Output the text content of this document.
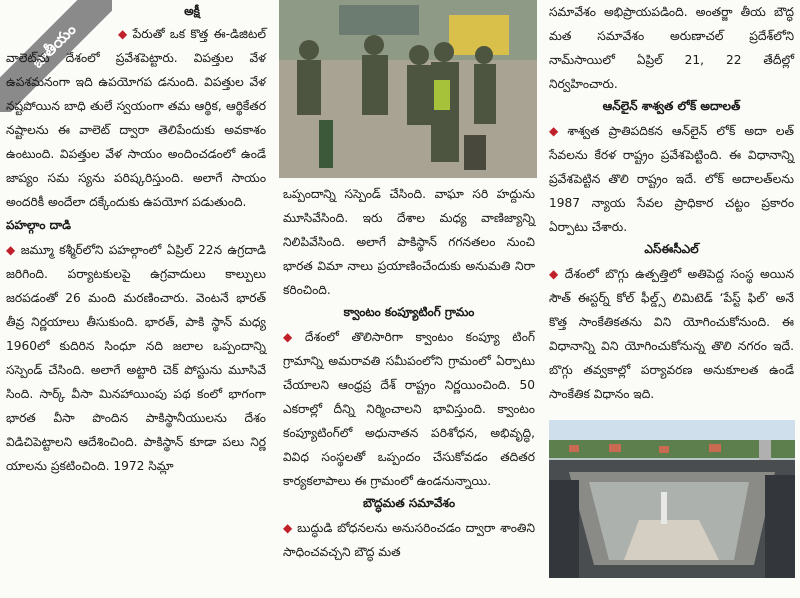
జాతీయం
అక్షీ

◆ పేరుతో ఒక కొత్త ఈ-డిజిటల్ వాలెట్‌ను దేశంలో ప్రవేశపెట్టారు. విపత్తుల వేళ ఉపశమనంగా ఇది ఉపయోగప డనుంది. విపత్తుల వేళ నష్టపోయిన బాధి తులే స్వయంగా తమ ఆర్థిక, ఆర్థికేతర నష్టాలను ఈ వాలెట్ ద్వారా తెలిపేందుకు అవకాశం ఉంటుంది. విపత్తుల వేళ సాయం అందించడంలో ఉండే జాప్యం సమ స్యను పరిష్కరిస్తుంది. అలాగే సాయం అందరికీ అందేలా దక్కేందుకు ఉపయోగ పడుతుంది.

పహల్గాం దాడి

◆ జమ్మూ కశ్మీర్‌లోని పహల్గాంలో ఏప్రిల్ 22న ఉగ్రదాడి జరిగింది. పర్యాటకులపై ఉగ్రవాదులు కాల్పులు జరపడంతో 26 మంది మరణించారు. వెంటనే భారత్ తీవ్ర నిర్ణయాలు తీసుకుంది. భారత్, పాకి స్థాన్ మధ్య 1960లో కుదిరిన సింధూ నది జలాల ఒప్పందాన్ని సస్పెండ్ చేసింది. అలాగే అట్టారి చెక్ పోస్టును మూసివే సింది. సార్క్ వీసా మినహాయింపు పథ కంలో భాగంగా భారత వీసా పొందిన పాకిస్థానీయులను దేశం విడిచిపెట్టాలని ఆదేశించింది. పాకిస్థాన్ కూడా పలు నిర్ణ యాలను ప్రకటించింది. 1972 సిమ్లా

ఒప్పందాన్ని సస్పెండ్ చేసింది. వాఘా సరి హద్దును మూసివేసింది. ఇరు దేశాల మధ్య వాణిజ్యాన్ని నిలిపివేసింది. అలాగే పాకిస్థాన్ గగనతలం నుంచి భారత విమా నాలు ప్రయాణించేందుకు అనుమతి నిరా కరించింది.

క్వాంటం కంప్యూటింగ్ గ్రామం

◆ దేశంలో తొలిసారిగా క్వాంటం కంప్యూ టింగ్ గ్రామాన్ని అమరావతి సమీపంలోని గ్రామంలో ఏర్పాటు చేయాలని ఆంధ్రప్ర దేశ్ రాష్ట్రం నిర్ణయించింది. 50 ఎకరాల్లో దీన్ని నిర్మించాలని భావిస్తుంది. క్వాంటం కంప్యూటింగ్‌లో అధునాతన పరిశోధన, అభివృద్ధి, వివిధ సంస్థలతో ఒప్పందం చేసుకోవడం తదితర కార్యకలాపాలు ఈ గ్రామంలో ఉండనున్నాయి.

బౌద్ధమత సమావేశం

◆ బుద్ధుడి బోధనలను అనుసరించడం ద్వారా శాంతిని సాధించవచ్చని బౌద్ధ మత

సమావేశం అభిప్రాయపడింది. అంతర్జా తీయ బౌద్ధ మత సమావేశం అరుణాచల్ ప్రదేశ్‌లోని నామ్‌సాయిలో ఏప్రిల్ 21, 22 తేదీల్లో నిర్వహించారు.

ఆన్‌లైన్ శాశ్వత లోక్ అదాలత్

◆ శాశ్వత ప్రాతిపదికన ఆన్‌లైన్ లోక్ అదా లత్ సేవలను కేరళ రాష్ట్రం ప్రవేశపెట్టింది. ఈ విధానాన్ని ప్రవేశపెట్టిన తొలి రాష్ట్రం ఇదే. లోక్ అదాలత్‌లను 1987 న్యాయ సేవల ప్రాధికార చట్టం ప్రకారం ఏర్పాటు చేశారు.

ఎస్ఈసీఎల్

◆ దేశంలో బొగ్గు ఉత్పత్తిలో అతిపెద్ద సంస్థ అయిన సౌత్ ఈస్టర్న్ కోల్ ఫీల్డ్స్ లిమిటెడ్ ‘పేస్ట్ ఫిల్’ అనే కొత్త సాంకేతికతను విని యోగించుకోనుంది. ఈ విధానాన్ని విని యోగించుకోనున్న తొలి నగరం ఇదే. బొగ్గు తవ్వకాల్లో పర్యావరణ అనుకూలత ఉండే సాంకేతిక విధానం ఇది.
